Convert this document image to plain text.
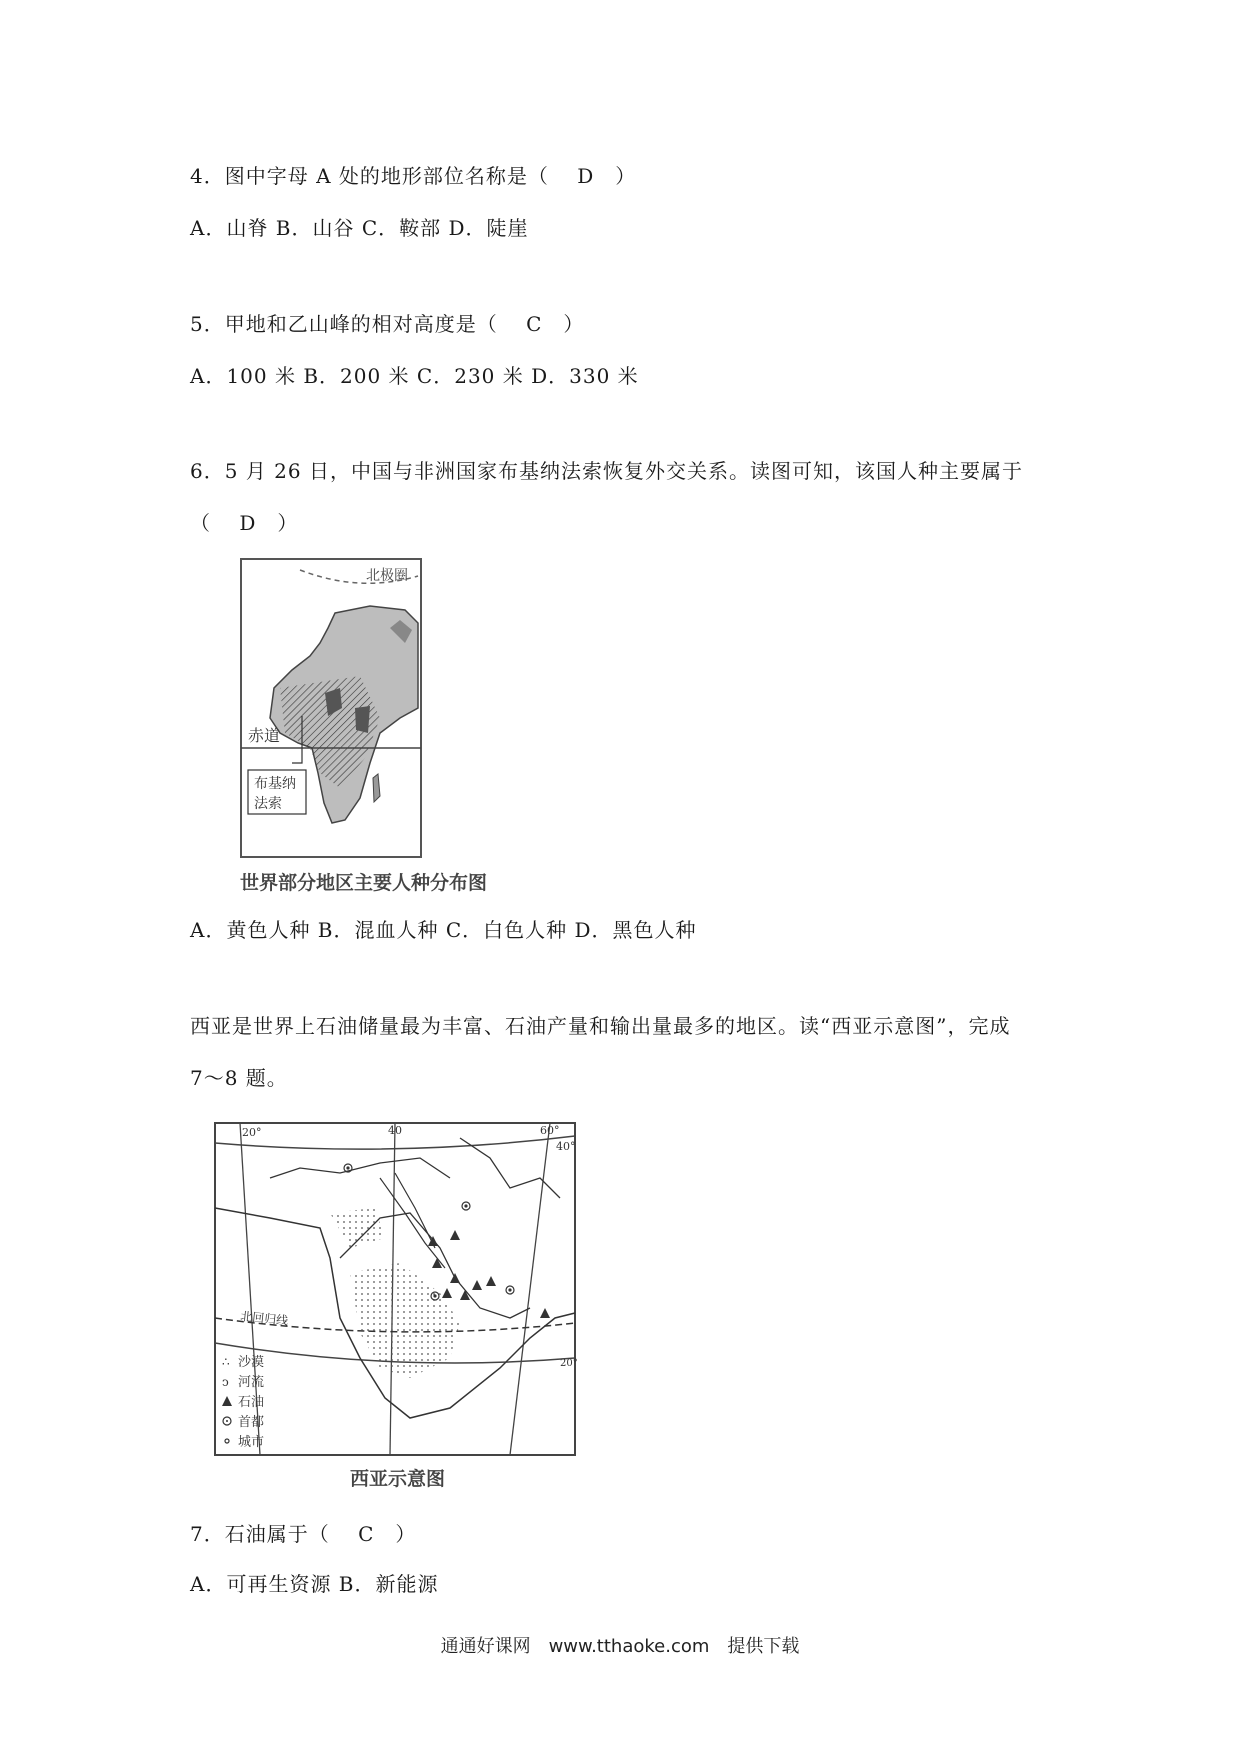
4．图中字母 A 处的地形部位名称是（　 D　）
A．山脊 B．山谷 C．鞍部 D．陡崖
5．甲地和乙山峰的相对高度是（　 C　）
A．100 米 B．200 米 C．230 米 D．330 米
6．5 月 26 日，中国与非洲国家布基纳法索恢复外交关系。读图可知，该国人种主要属于
（　 D　）
北极圈
赤道
布基纳
法索
世界部分地区主要人种分布图
A．黄色人种 B．混血人种 C．白色人种 D．黑色人种
西亚是世界上石油储量最为丰富、石油产量和输出量最多的地区。读“西亚示意图”，完成
7～8 题。
20°	40	60°
40°
20°
北回归线
∴ 沙漠
ↄ 河流
石油
首都
城市
西亚示意图
7．石油属于（　 C　）
A．可再生资源 B．新能源
通通好课网　www.tthaoke.com　提供下载
